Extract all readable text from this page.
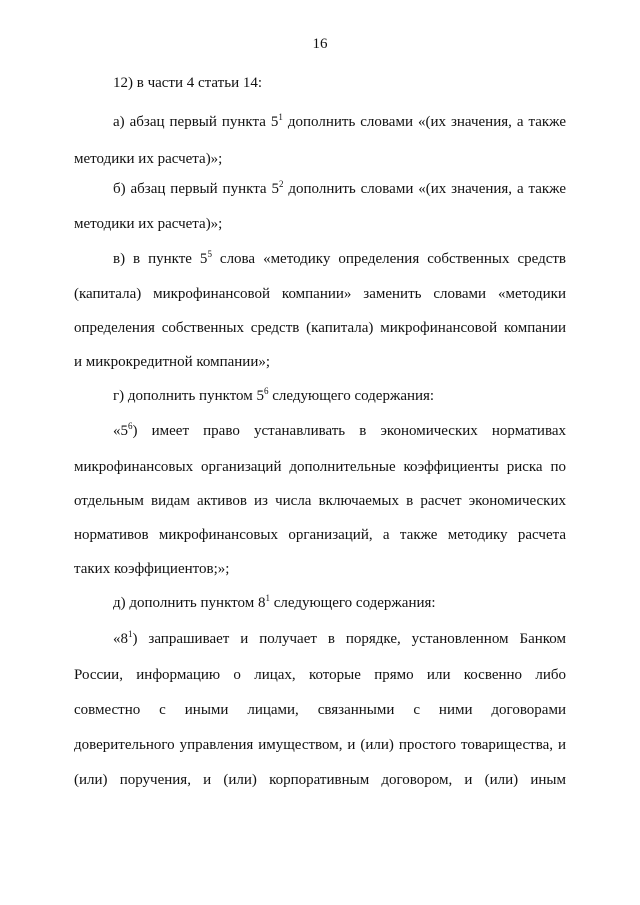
16
12) в части 4 статьи 14:
а) абзац первый пункта $5^1$ дополнить словами «(их значения, а также
методики их расчета)»;
б) абзац первый пункта $5^2$ дополнить словами «(их значения, а также
методики их расчета)»;
в) в пункте $5^5$ слова «методику определения собственных средств
(капитала) микрофинансовой компании» заменить словами «методики
определения собственных средств (капитала) микрофинансовой компании
и микрокредитной компании»;
г) дополнить пунктом $5^6$ следующего содержания:
«$5^6$) имеет право устанавливать в экономических нормативах
микрофинансовых организаций дополнительные коэффициенты риска по
отдельным видам активов из числа включаемых в расчет экономических
нормативов микрофинансовых организаций, а также методику расчета
таких коэффициентов;»;
д) дополнить пунктом $8^1$ следующего содержания:
«$8^1$) запрашивает и получает в порядке, установленном Банком
России, информацию о лицах, которые прямо или косвенно либо
совместно с иными лицами, связанными с ними договорами
доверительного управления имуществом, и (или) простого товарищества, и
(или) поручения, и (или) корпоративным договором, и (или) иным
